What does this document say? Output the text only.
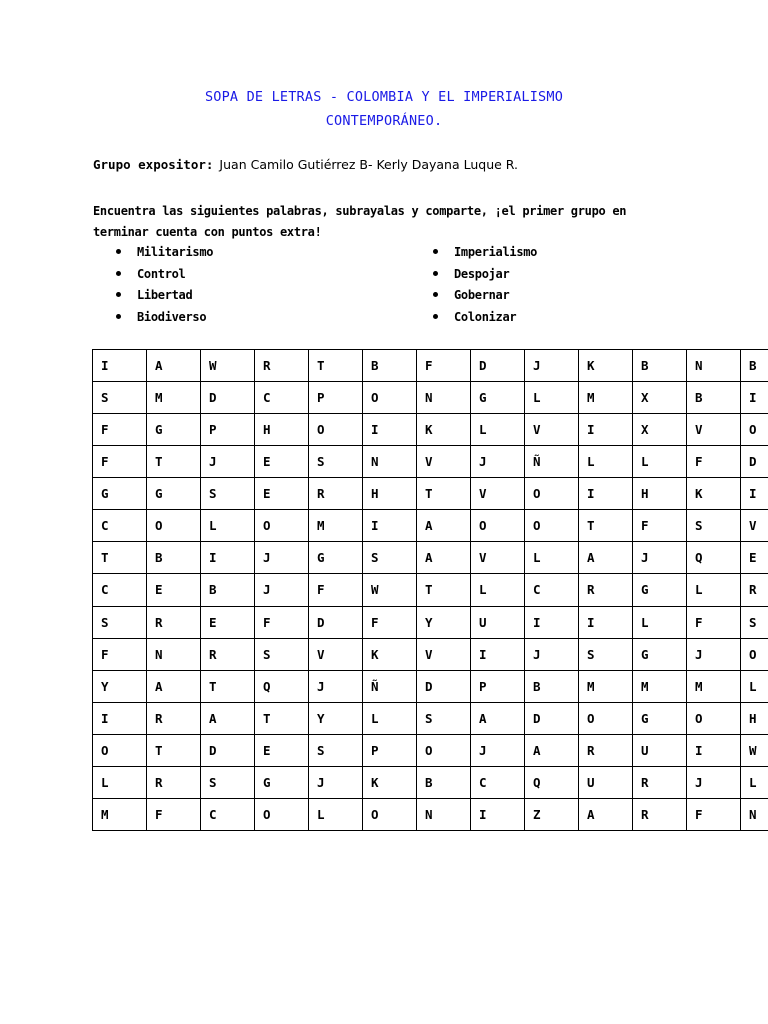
SOPA DE LETRAS - COLOMBIA Y EL IMPERIALISMO
CONTEMPORÁNEO.
Grupo expositor: Juan Camilo Gutiérrez B- Kerly Dayana Luque R.
Encuentra las siguientes palabras, subrayalas y comparte, ¡el primer grupo en terminar cuenta con puntos extra!
Militarismo
Control
Libertad
Biodiverso
Imperialismo
Despojar
Gobernar
Colonizar
I	A	W	R	T	B	F	D	J	K	B	N	B
S	M	D	C	P	O	N	G	L	M	X	B	I
F	G	P	H	O	I	K	L	V	I	X	V	O
F	T	J	E	S	N	V	J	Ñ	L	L	F	D
G	G	S	E	R	H	T	V	O	I	H	K	I
C	O	L	O	M	I	A	O	O	T	F	S	V
T	B	I	J	G	S	A	V	L	A	J	Q	E
C	E	B	J	F	W	T	L	C	R	G	L	R
S	R	E	F	D	F	Y	U	I	I	L	F	S
F	N	R	S	V	K	V	I	J	S	G	J	O
Y	A	T	Q	J	Ñ	D	P	B	M	M	M	L
I	R	A	T	Y	L	S	A	D	O	G	O	H
O	T	D	E	S	P	O	J	A	R	U	I	W
L	R	S	G	J	K	B	C	Q	U	R	J	L
M	F	C	O	L	O	N	I	Z	A	R	F	N
